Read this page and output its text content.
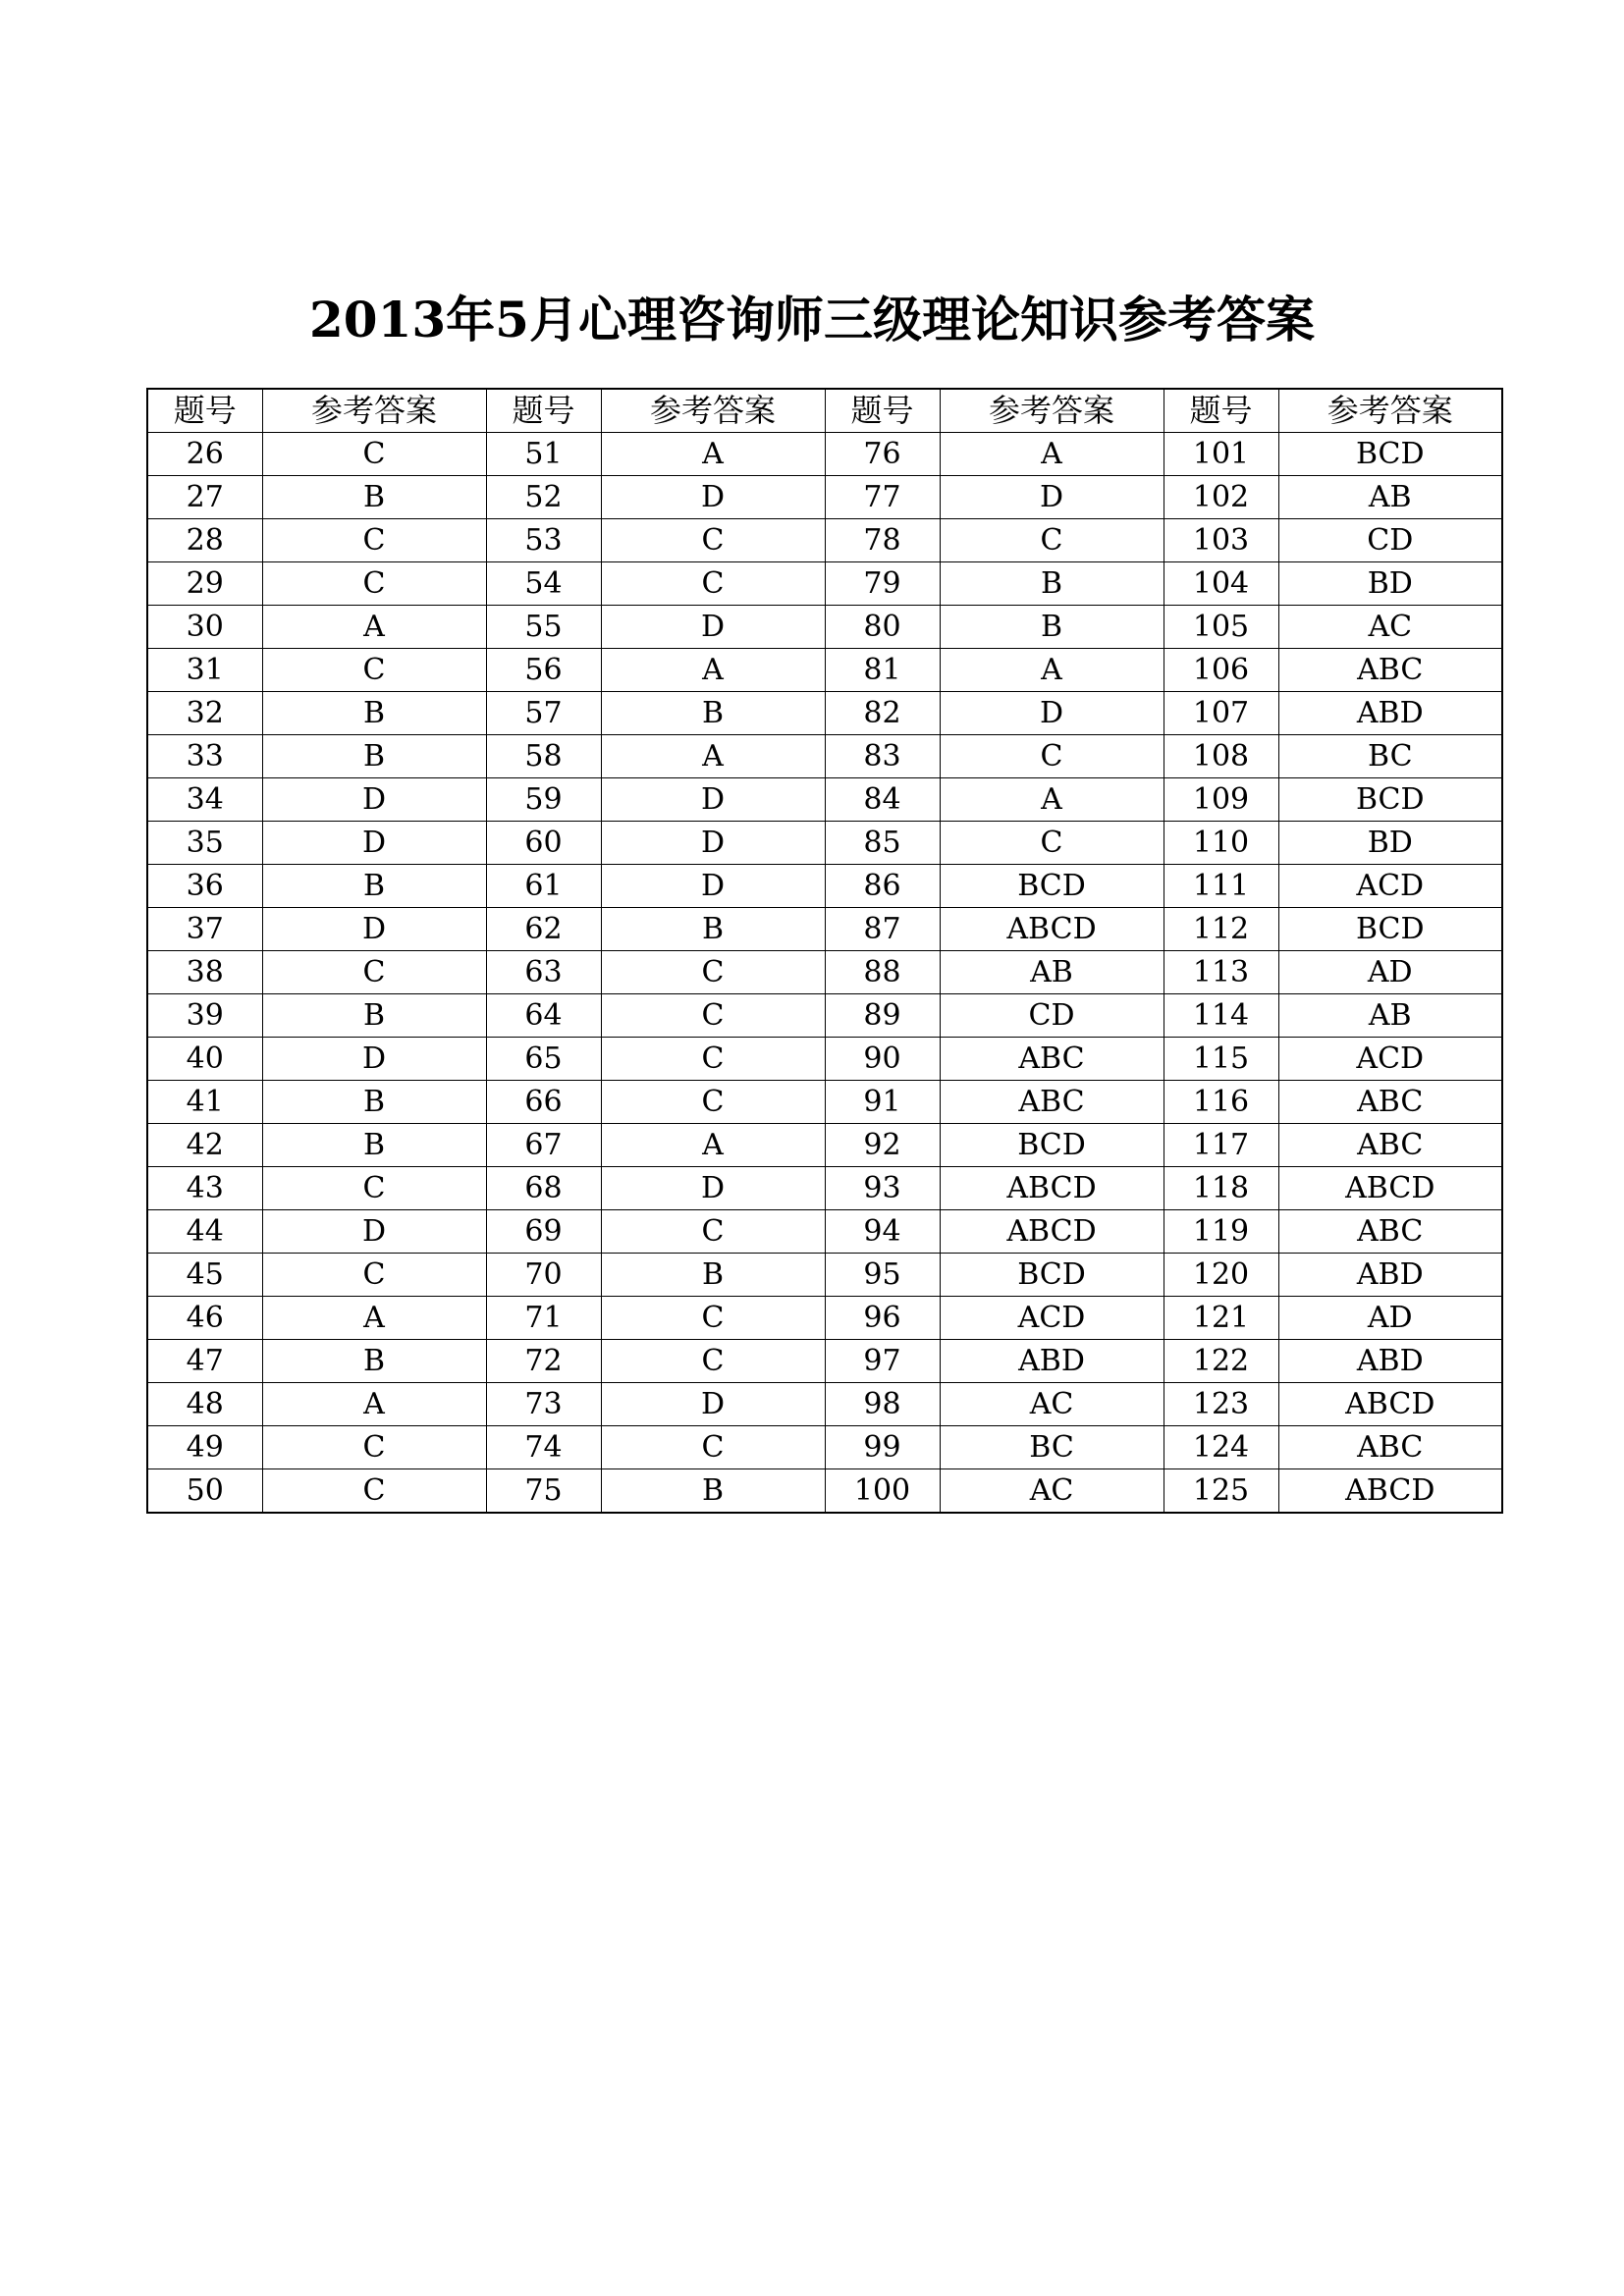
2013年5月心理咨询师三级理论知识参考答案
题号	参考答案	题号	参考答案	题号	参考答案	题号	参考答案
26	C	51	A	76	A	101	BCD
27	B	52	D	77	D	102	AB
28	C	53	C	78	C	103	CD
29	C	54	C	79	B	104	BD
30	A	55	D	80	B	105	AC
31	C	56	A	81	A	106	ABC
32	B	57	B	82	D	107	ABD
33	B	58	A	83	C	108	BC
34	D	59	D	84	A	109	BCD
35	D	60	D	85	C	110	BD
36	B	61	D	86	BCD	111	ACD
37	D	62	B	87	ABCD	112	BCD
38	C	63	C	88	AB	113	AD
39	B	64	C	89	CD	114	AB
40	D	65	C	90	ABC	115	ACD
41	B	66	C	91	ABC	116	ABC
42	B	67	A	92	BCD	117	ABC
43	C	68	D	93	ABCD	118	ABCD
44	D	69	C	94	ABCD	119	ABC
45	C	70	B	95	BCD	120	ABD
46	A	71	C	96	ACD	121	AD
47	B	72	C	97	ABD	122	ABD
48	A	73	D	98	AC	123	ABCD
49	C	74	C	99	BC	124	ABC
50	C	75	B	100	AC	125	ABCD
